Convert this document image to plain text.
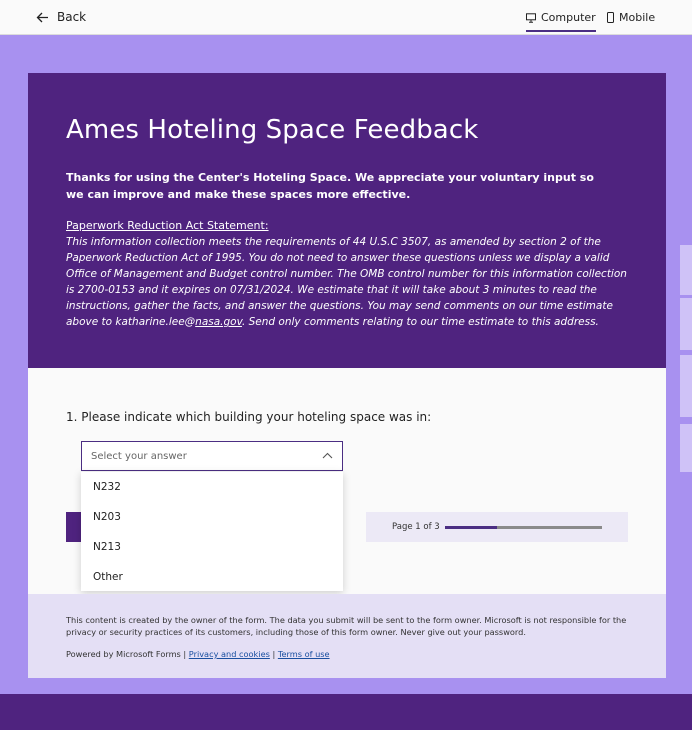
Back	Computer Mobile
Ames Hoteling Space Feedback

Thanks for using the Center's Hoteling Space. We appreciate your voluntary input so we can improve and make these spaces more effective.

Paperwork Reduction Act Statement:

This information collection meets the requirements of 44 U.S.C 3507, as amended by section 2 of the Paperwork Reduction Act of 1995. You do not need to answer these questions unless we display a valid Office of Management and Budget control number. The OMB control number for this information collection is 2700-0153 and it expires on 07/31/2024. We estimate that it will take about 3 minutes to read the instructions, gather the facts, and answer the questions. You may send comments on our time estimate above to katharine.lee@nasa.gov. Send only comments relating to our time estimate to this address.

1. Please indicate which building your hoteling space was in:
Select your answer
Page 1 of 3
N232
N203
N213
Other

This content is created by the owner of the form. The data you submit will be sent to the form owner. Microsoft is not responsible for the privacy or security practices of its customers, including those of this form owner. Never give out your password.

Powered by Microsoft Forms | Privacy and cookies | Terms of use
